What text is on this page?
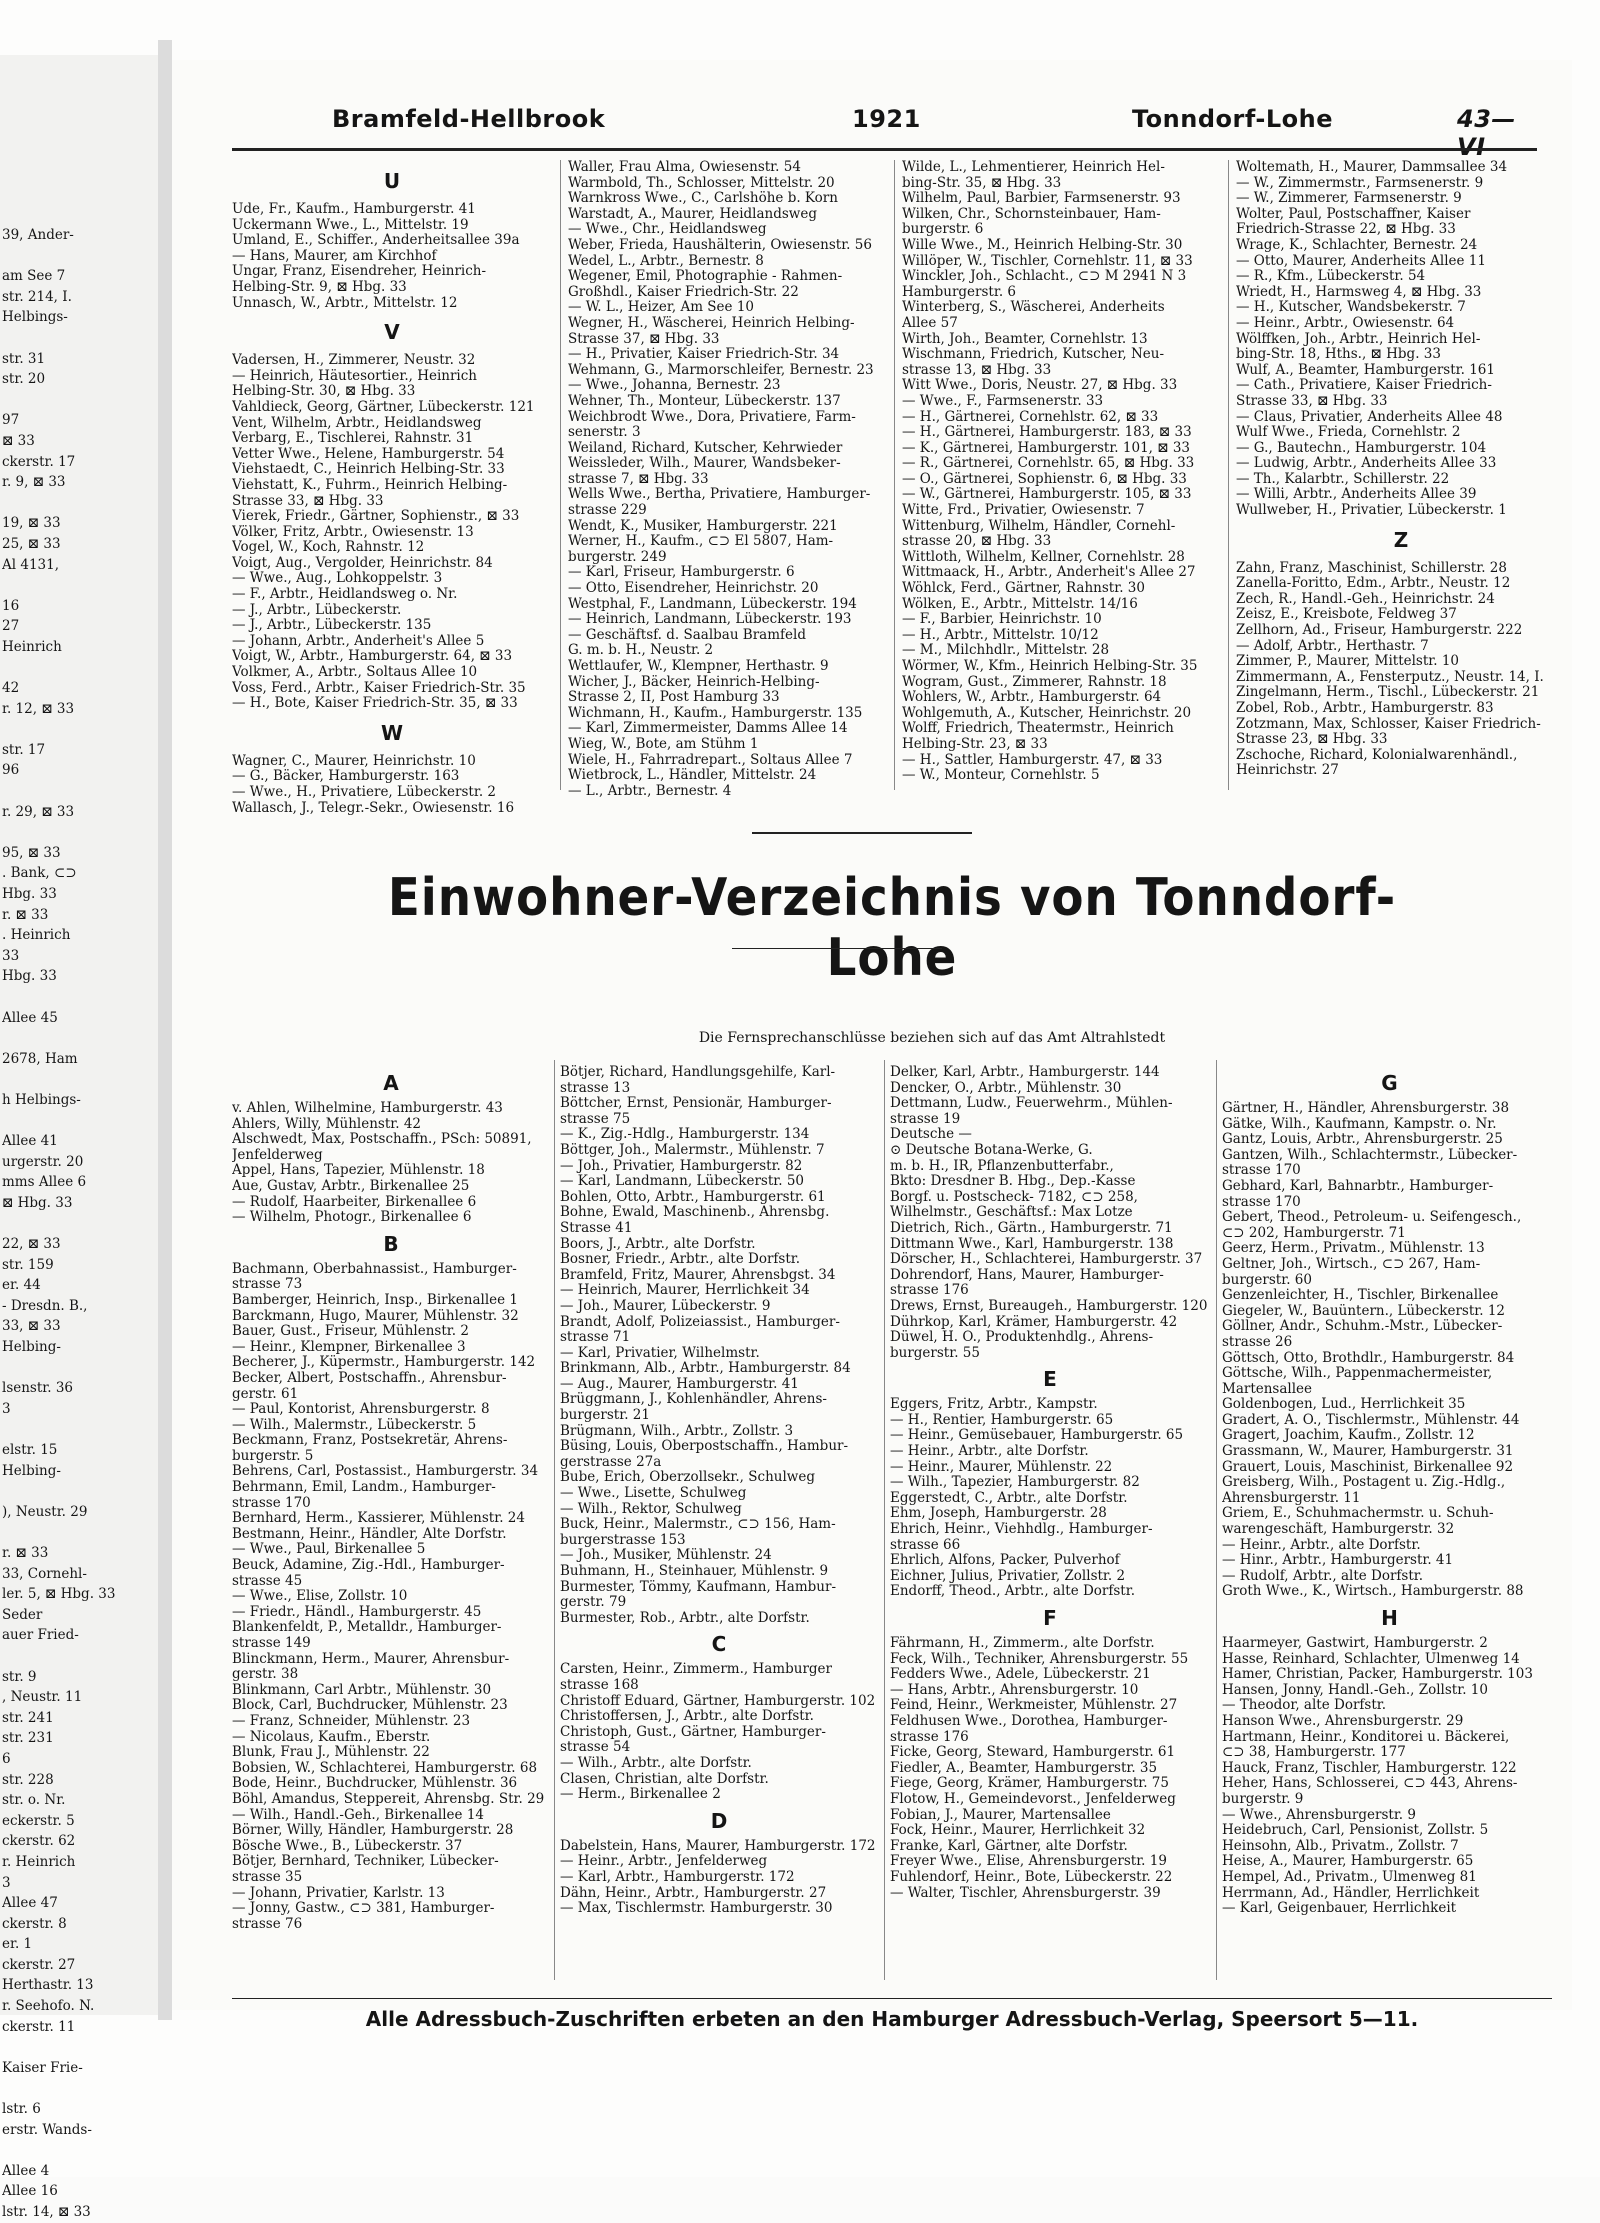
39, Ander-
am See 7
str. 214, I.
Helbings-
str. 31
str. 20
97
⊠ 33
ckerstr. 17
r. 9, ⊠ 33
19, ⊠ 33
25, ⊠ 33
Al 4131,
16
27
Heinrich
42
r. 12, ⊠ 33
str. 17
96
r. 29, ⊠ 33
95, ⊠ 33
. Bank, ⊂⊃
Hbg. 33
r. ⊠ 33
. Heinrich
33
Hbg. 33
Allee 45
2678, Ham
h Helbings-
Allee 41
urgerstr. 20
mms Allee 6
⊠ Hbg. 33
22, ⊠ 33
str. 159
er. 44
- Dresdn. B.,
33, ⊠ 33
Helbing-
lsenstr. 36
3
elstr. 15
Helbing-
), Neustr. 29
r. ⊠ 33
33, Cornehl-
ler. 5, ⊠ Hbg. 33
Seder
auer Fried-
str. 9
, Neustr. 11
str. 241
str. 231
6
str. 228
str. o. Nr.
eckerstr. 5
ckerstr. 62
r. Heinrich
3
Allee 47
ckerstr. 8
er. 1
ckerstr. 27
Herthastr. 13
r. Seehofo. N.
ckerstr. 11
Kaiser Frie-
lstr. 6
erstr. Wands-
Allee 4
Allee 16
lstr. 14, ⊠ 33
Bramfeld-Hellbrook	1921	Tonndorf-Lohe	43—VI
U
Ude, Fr., Kaufm., Hamburgerstr. 41
Uckermann Wwe., L., Mittelstr. 19
Umland, E., Schiffer., Anderheitsallee 39a
— Hans, Maurer, am Kirchhof
Ungar, Franz, Eisendreher, Heinrich-
Helbing-Str. 9, ⊠ Hbg. 33
Unnasch, W., Arbtr., Mittelstr. 12
V
Vadersen, H., Zimmerer, Neustr. 32
— Heinrich, Häutesortier., Heinrich
Helbing-Str. 30, ⊠ Hbg. 33
Vahldieck, Georg, Gärtner, Lübeckerstr. 121
Vent, Wilhelm, Arbtr., Heidlandsweg
Verbarg, E., Tischlerei, Rahnstr. 31
Vetter Wwe., Helene, Hamburgerstr. 54
Viehstaedt, C., Heinrich Helbing-Str. 33
Viehstatt, K., Fuhrm., Heinrich Helbing-
Strasse 33, ⊠ Hbg. 33
Vierek, Friedr., Gärtner, Sophienstr., ⊠ 33
Völker, Fritz, Arbtr., Owiesenstr. 13
Vogel, W., Koch, Rahnstr. 12
Voigt, Aug., Vergolder, Heinrichstr. 84
— Wwe., Aug., Lohkoppelstr. 3
— F., Arbtr., Heidlandsweg o. Nr.
— J., Arbtr., Lübeckerstr.
— J., Arbtr., Lübeckerstr. 135
— Johann, Arbtr., Anderheit's Allee 5
Voigt, W., Arbtr., Hamburgerstr. 64, ⊠ 33
Volkmer, A., Arbtr., Soltaus Allee 10
Voss, Ferd., Arbtr., Kaiser Friedrich-Str. 35
— H., Bote, Kaiser Friedrich-Str. 35, ⊠ 33
W
Wagner, C., Maurer, Heinrichstr. 10
— G., Bäcker, Hamburgerstr. 163
— Wwe., H., Privatiere, Lübeckerstr. 2
Wallasch, J., Telegr.-Sekr., Owiesenstr. 16
Waller, Frau Alma, Owiesenstr. 54
Warmbold, Th., Schlosser, Mittelstr. 20
Warnkross Wwe., C., Carlshöhe b. Korn
Warstadt, A., Maurer, Heidlandsweg
— Wwe., Chr., Heidlandsweg
Weber, Frieda, Haushälterin, Owiesenstr. 56
Wedel, L., Arbtr., Bernestr. 8
Wegener, Emil, Photographie - Rahmen-
Großhdl., Kaiser Friedrich-Str. 22
— W. L., Heizer, Am See 10
Wegner, H., Wäscherei, Heinrich Helbing-
Strasse 37, ⊠ Hbg. 33
— H., Privatier, Kaiser Friedrich-Str. 34
Wehmann, G., Marmorschleifer, Bernestr. 23
— Wwe., Johanna, Bernestr. 23
Wehner, Th., Monteur, Lübeckerstr. 137
Weichbrodt Wwe., Dora, Privatiere, Farm-
senerstr. 3
Weiland, Richard, Kutscher, Kehrwieder
Weissleder, Wilh., Maurer, Wandsbeker-
strasse 7, ⊠ Hbg. 33
Wells Wwe., Bertha, Privatiere, Hamburger-
strasse 229
Wendt, K., Musiker, Hamburgerstr. 221
Werner, H., Kaufm., ⊂⊃ El 5807, Ham-
burgerstr. 249
— Karl, Friseur, Hamburgerstr. 6
— Otto, Eisendreher, Heinrichstr. 20
Westphal, F., Landmann, Lübeckerstr. 194
— Heinrich, Landmann, Lübeckerstr. 193
— Geschäftsf. d. Saalbau Bramfeld
G. m. b. H., Neustr. 2
Wettlaufer, W., Klempner, Herthastr. 9
Wicher, J., Bäcker, Heinrich-Helbing-
Strasse 2, II, Post Hamburg 33
Wichmann, H., Kaufm., Hamburgerstr. 135
— Karl, Zimmermeister, Damms Allee 14
Wieg, W., Bote, am Stühm 1
Wiele, H., Fahrradrepart., Soltaus Allee 7
Wietbrock, L., Händler, Mittelstr. 24
— L., Arbtr., Bernestr. 4
Wilde, L., Lehmentierer, Heinrich Hel-
bing-Str. 35, ⊠ Hbg. 33
Wilhelm, Paul, Barbier, Farmsenerstr. 93
Wilken, Chr., Schornsteinbauer, Ham-
burgerstr. 6
Wille Wwe., M., Heinrich Helbing-Str. 30
Willöper, W., Tischler, Cornehlstr. 11, ⊠ 33
Winckler, Joh., Schlacht., ⊂⊃ M 2941 N 3
Hamburgerstr. 6
Winterberg, S., Wäscherei, Anderheits
Allee 57
Wirth, Joh., Beamter, Cornehlstr. 13
Wischmann, Friedrich, Kutscher, Neu-
strasse 13, ⊠ Hbg. 33
Witt Wwe., Doris, Neustr. 27, ⊠ Hbg. 33
— Wwe., F., Farmsenerstr. 33
— H., Gärtnerei, Cornehlstr. 62, ⊠ 33
— H., Gärtnerei, Hamburgerstr. 183, ⊠ 33
— K., Gärtnerei, Hamburgerstr. 101, ⊠ 33
— R., Gärtnerei, Cornehlstr. 65, ⊠ Hbg. 33
— O., Gärtnerei, Sophienstr. 6, ⊠ Hbg. 33
— W., Gärtnerei, Hamburgerstr. 105, ⊠ 33
Witte, Frd., Privatier, Owiesenstr. 7
Wittenburg, Wilhelm, Händler, Cornehl-
strasse 20, ⊠ Hbg. 33
Wittloth, Wilhelm, Kellner, Cornehlstr. 28
Wittmaack, H., Arbtr., Anderheit's Allee 27
Wöhlck, Ferd., Gärtner, Rahnstr. 30
Wölken, E., Arbtr., Mittelstr. 14/16
— F., Barbier, Heinrichstr. 10
— H., Arbtr., Mittelstr. 10/12
— M., Milchhdlr., Mittelstr. 28
Wörmer, W., Kfm., Heinrich Helbing-Str. 35
Wogram, Gust., Zimmerer, Rahnstr. 18
Wohlers, W., Arbtr., Hamburgerstr. 64
Wohlgemuth, A., Kutscher, Heinrichstr. 20
Wolff, Friedrich, Theatermstr., Heinrich
Helbing-Str. 23, ⊠ 33
— H., Sattler, Hamburgerstr. 47, ⊠ 33
— W., Monteur, Cornehlstr. 5
Woltemath, H., Maurer, Dammsallee 34
— W., Zimmermstr., Farmsenerstr. 9
— W., Zimmerer, Farmsenerstr. 9
Wolter, Paul, Postschaffner, Kaiser
Friedrich-Strasse 22, ⊠ Hbg. 33
Wrage, K., Schlachter, Bernestr. 24
— Otto, Maurer, Anderheits Allee 11
— R., Kfm., Lübeckerstr. 54
Wriedt, H., Harmsweg 4, ⊠ Hbg. 33
— H., Kutscher, Wandsbekerstr. 7
— Heinr., Arbtr., Owiesenstr. 64
Wölffken, Joh., Arbtr., Heinrich Hel-
bing-Str. 18, Hths., ⊠ Hbg. 33
Wulf, A., Beamter, Hamburgerstr. 161
— Cath., Privatiere, Kaiser Friedrich-
Strasse 33, ⊠ Hbg. 33
— Claus, Privatier, Anderheits Allee 48
Wulf Wwe., Frieda, Cornehlstr. 2
— G., Bautechn., Hamburgerstr. 104
— Ludwig, Arbtr., Anderheits Allee 33
— Th., Kalarbtr., Schillerstr. 22
— Willi, Arbtr., Anderheits Allee 39
Wullweber, H., Privatier, Lübeckerstr. 1
Z
Zahn, Franz, Maschinist, Schillerstr. 28
Zanella-Foritto, Edm., Arbtr., Neustr. 12
Zech, R., Handl.-Geh., Heinrichstr. 24
Zeisz, E., Kreisbote, Feldweg 37
Zellhorn, Ad., Friseur, Hamburgerstr. 222
— Adolf, Arbtr., Herthastr. 7
Zimmer, P., Maurer, Mittelstr. 10
Zimmermann, A., Fensterputz., Neustr. 14, I.
Zingelmann, Herm., Tischl., Lübeckerstr. 21
Zobel, Rob., Arbtr., Hamburgerstr. 83
Zotzmann, Max, Schlosser, Kaiser Friedrich-
Strasse 23, ⊠ Hbg. 33
Zschoche, Richard, Kolonialwarenhändl.,
Heinrichstr. 27
Einwohner-Verzeichnis von Tonndorf-Lohe
Die Fernsprechanschlüsse beziehen sich auf das Amt Altrahlstedt
A
v. Ahlen, Wilhelmine, Hamburgerstr. 43
Ahlers, Willy, Mühlenstr. 42
Alschwedt, Max, Postschaffn., PSch: 50891,
Jenfelderweg
Appel, Hans, Tapezier, Mühlenstr. 18
Aue, Gustav, Arbtr., Birkenallee 25
— Rudolf, Haarbeiter, Birkenallee 6
— Wilhelm, Photogr., Birkenallee 6
B
Bachmann, Oberbahnassist., Hamburger-
strasse 73
Bamberger, Heinrich, Insp., Birkenallee 1
Barckmann, Hugo, Maurer, Mühlenstr. 32
Bauer, Gust., Friseur, Mühlenstr. 2
— Heinr., Klempner, Birkenallee 3
Becherer, J., Küpermstr., Hamburgerstr. 142
Becker, Albert, Postschaffn., Ahrensbur-
gerstr. 61
— Paul, Kontorist, Ahrensburgerstr. 8
— Wilh., Malermstr., Lübeckerstr. 5
Beckmann, Franz, Postsekretär, Ahrens-
burgerstr. 5
Behrens, Carl, Postassist., Hamburgerstr. 34
Behrmann, Emil, Landm., Hamburger-
strasse 170
Bernhard, Herm., Kassierer, Mühlenstr. 24
Bestmann, Heinr., Händler, Alte Dorfstr.
— Wwe., Paul, Birkenallee 5
Beuck, Adamine, Zig.-Hdl., Hamburger-
strasse 45
— Wwe., Elise, Zollstr. 10
— Friedr., Händl., Hamburgerstr. 45
Blankenfeldt, P., Metalldr., Hamburger-
strasse 149
Blinckmann, Herm., Maurer, Ahrensbur-
gerstr. 38
Blinkmann, Carl Arbtr., Mühlenstr. 30
Block, Carl, Buchdrucker, Mühlenstr. 23
— Franz, Schneider, Mühlenstr. 23
— Nicolaus, Kaufm., Eberstr.
Blunk, Frau J., Mühlenstr. 22
Bobsien, W., Schlachterei, Hamburgerstr. 68
Bode, Heinr., Buchdrucker, Mühlenstr. 36
Böhl, Amandus, Steppereit, Ahrensbg. Str. 29
— Wilh., Handl.-Geh., Birkenallee 14
Börner, Willy, Händler, Hamburgerstr. 28
Bösche Wwe., B., Lübeckerstr. 37
Bötjer, Bernhard, Techniker, Lübecker-
strasse 35
— Johann, Privatier, Karlstr. 13
— Jonny, Gastw., ⊂⊃ 381, Hamburger-
strasse 76
Bötjer, Richard, Handlungsgehilfe, Karl-
strasse 13
Böttcher, Ernst, Pensionär, Hamburger-
strasse 75
— K., Zig.-Hdlg., Hamburgerstr. 134
Böttger, Joh., Malermstr., Mühlenstr. 7
— Joh., Privatier, Hamburgerstr. 82
— Karl, Landmann, Lübeckerstr. 50
Bohlen, Otto, Arbtr., Hamburgerstr. 61
Bohne, Ewald, Maschinenb., Ahrensbg.
Strasse 41
Boors, J., Arbtr., alte Dorfstr.
Bosner, Friedr., Arbtr., alte Dorfstr.
Bramfeld, Fritz, Maurer, Ahrensbgst. 34
— Heinrich, Maurer, Herrlichkeit 34
— Joh., Maurer, Lübeckerstr. 9
Brandt, Adolf, Polizeiassist., Hamburger-
strasse 71
— Karl, Privatier, Wilhelmstr.
Brinkmann, Alb., Arbtr., Hamburgerstr. 84
— Aug., Maurer, Hamburgerstr. 41
Brüggmann, J., Kohlenhändler, Ahrens-
burgerstr. 21
Brügmann, Wilh., Arbtr., Zollstr. 3
Büsing, Louis, Oberpostschaffn., Hambur-
gerstrasse 27a
Bube, Erich, Oberzollsekr., Schulweg
— Wwe., Lisette, Schulweg
— Wilh., Rektor, Schulweg
Buck, Heinr., Malermstr., ⊂⊃ 156, Ham-
burgerstrasse 153
— Joh., Musiker, Mühlenstr. 24
Buhmann, H., Steinhauer, Mühlenstr. 9
Burmester, Tömmy, Kaufmann, Hambur-
gerstr. 79
Burmester, Rob., Arbtr., alte Dorfstr.
C
Carsten, Heinr., Zimmerm., Hamburger
strasse 168
Christoff Eduard, Gärtner, Hamburgerstr. 102
Christoffersen, J., Arbtr., alte Dorfstr.
Christoph, Gust., Gärtner, Hamburger-
strasse 54
— Wilh., Arbtr., alte Dorfstr.
Clasen, Christian, alte Dorfstr.
— Herm., Birkenallee 2
D
Dabelstein, Hans, Maurer, Hamburgerstr. 172
— Heinr., Arbtr., Jenfelderweg
— Karl, Arbtr., Hamburgerstr. 172
Dähn, Heinr., Arbtr., Hamburgerstr. 27
— Max, Tischlermstr. Hamburgerstr. 30
Delker, Karl, Arbtr., Hamburgerstr. 144
Dencker, O., Arbtr., Mühlenstr. 30
Dettmann, Ludw., Feuerwehrm., Mühlen-
strasse 19
Deutsche —
⊙ Deutsche Botana-Werke, G.
m. b. H., IR, Pflanzenbutterfabr.,
Bkto: Dresdner B. Hbg., Dep.-Kasse
Borgf. u. Postscheck- 7182, ⊂⊃ 258,
Wilhelmstr., Geschäftsf.: Max Lotze
Dietrich, Rich., Gärtn., Hamburgerstr. 71
Dittmann Wwe., Karl, Hamburgerstr. 138
Dörscher, H., Schlachterei, Hamburgerstr. 37
Dohrendorf, Hans, Maurer, Hamburger-
strasse 176
Drews, Ernst, Bureaugeh., Hamburgerstr. 120
Dührkop, Karl, Krämer, Hamburgerstr. 42
Düwel, H. O., Produktenhdlg., Ahrens-
burgerstr. 55
E
Eggers, Fritz, Arbtr., Kampstr.
— H., Rentier, Hamburgerstr. 65
— Heinr., Gemüsebauer, Hamburgerstr. 65
— Heinr., Arbtr., alte Dorfstr.
— Heinr., Maurer, Mühlenstr. 22
— Wilh., Tapezier, Hamburgerstr. 82
Eggerstedt, C., Arbtr., alte Dorfstr.
Ehm, Joseph, Hamburgerstr. 28
Ehrich, Heinr., Viehhdlg., Hamburger-
strasse 66
Ehrlich, Alfons, Packer, Pulverhof
Eichner, Julius, Privatier, Zollstr. 2
Endorff, Theod., Arbtr., alte Dorfstr.
F
Fährmann, H., Zimmerm., alte Dorfstr.
Feck, Wilh., Techniker, Ahrensburgerstr. 55
Fedders Wwe., Adele, Lübeckerstr. 21
— Hans, Arbtr., Ahrensburgerstr. 10
Feind, Heinr., Werkmeister, Mühlenstr. 27
Feldhusen Wwe., Dorothea, Hamburger-
strasse 176
Ficke, Georg, Steward, Hamburgerstr. 61
Fiedler, A., Beamter, Hamburgerstr. 35
Fiege, Georg, Krämer, Hamburgerstr. 75
Flotow, H., Gemeindevorst., Jenfelderweg
Fobian, J., Maurer, Martensallee
Fock, Heinr., Maurer, Herrlichkeit 32
Franke, Karl, Gärtner, alte Dorfstr.
Freyer Wwe., Elise, Ahrensburgerstr. 19
Fuhlendorf, Heinr., Bote, Lübeckerstr. 22
— Walter, Tischler, Ahrensburgerstr. 39
G
Gärtner, H., Händler, Ahrensburgerstr. 38
Gätke, Wilh., Kaufmann, Kampstr. o. Nr.
Gantz, Louis, Arbtr., Ahrensburgerstr. 25
Gantzen, Wilh., Schlachtermstr., Lübecker-
strasse 170
Gebhard, Karl, Bahnarbtr., Hamburger-
strasse 170
Gebert, Theod., Petroleum- u. Seifengesch.,
⊂⊃ 202, Hamburgerstr. 71
Geerz, Herm., Privatm., Mühlenstr. 13
Geltner, Joh., Wirtsch., ⊂⊃ 267, Ham-
burgerstr. 60
Genzenleichter, H., Tischler, Birkenallee
Giegeler, W., Bauüntern., Lübeckerstr. 12
Göllner, Andr., Schuhm.-Mstr., Lübecker-
strasse 26
Göttsch, Otto, Brothdlr., Hamburgerstr. 84
Göttsche, Wilh., Pappenmachermeister,
Martensallee
Goldenbogen, Lud., Herrlichkeit 35
Gradert, A. O., Tischlermstr., Mühlenstr. 44
Gragert, Joachim, Kaufm., Zollstr. 12
Grassmann, W., Maurer, Hamburgerstr. 31
Grauert, Louis, Maschinist, Birkenallee 92
Greisberg, Wilh., Postagent u. Zig.-Hdlg.,
Ahrensburgerstr. 11
Griem, E., Schuhmachermstr. u. Schuh-
warengeschäft, Hamburgerstr. 32
— Heinr., Arbtr., alte Dorfstr.
— Hinr., Arbtr., Hamburgerstr. 41
— Rudolf, Arbtr., alte Dorfstr.
Groth Wwe., K., Wirtsch., Hamburgerstr. 88
H
Haarmeyer, Gastwirt, Hamburgerstr. 2
Hasse, Reinhard, Schlachter, Ulmenweg 14
Hamer, Christian, Packer, Hamburgerstr. 103
Hansen, Jonny, Handl.-Geh., Zollstr. 10
— Theodor, alte Dorfstr.
Hanson Wwe., Ahrensburgerstr. 29
Hartmann, Heinr., Konditorei u. Bäckerei,
⊂⊃ 38, Hamburgerstr. 177
Hauck, Franz, Tischler, Hamburgerstr. 122
Heher, Hans, Schlosserei, ⊂⊃ 443, Ahrens-
burgerstr. 9
— Wwe., Ahrensburgerstr. 9
Heidebruch, Carl, Pensionist, Zollstr. 5
Heinsohn, Alb., Privatm., Zollstr. 7
Heise, A., Maurer, Hamburgerstr. 65
Hempel, Ad., Privatm., Ulmenweg 81
Herrmann, Ad., Händler, Herrlichkeit
— Karl, Geigenbauer, Herrlichkeit
Alle Adressbuch-Zuschriften erbeten an den Hamburger Adressbuch-Verlag, Speersort 5—11.
